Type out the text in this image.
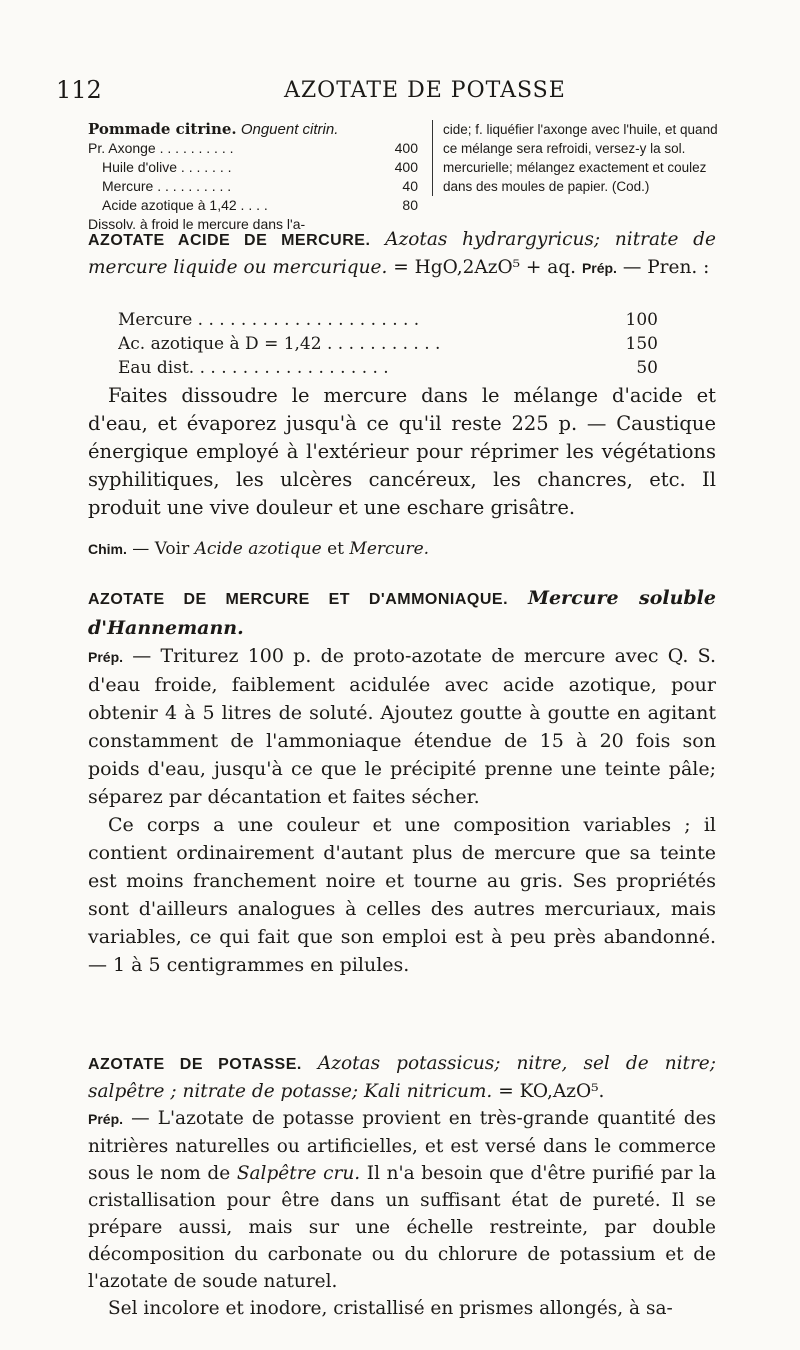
112	AZOTATE DE POTASSE
Pommade citrine. Onguent citrin.
Pr. Axonge . . . . . . . . . .	400
Huile d'olive . . . . . . .	400
Mercure . . . . . . . . . .	40
Acide azotique à 1,42 . . . .	80
Dissolv. à froid le mercure dans l'a-
cide; f. liquéfier l'axonge avec l'huile, et quand ce mélange sera refroidi, versez-y la sol. mercurielle; mélangez exactement et coulez dans des moules de papier. (Cod.)

AZOTATE ACIDE DE MERCURE. Azotas hydrargyricus; nitrate de mercure liquide ou mercurique. = HgO,2AzO⁵ + aq. Prép. — Pren. :

Mercure . . . . . . . . . . . . . . . . . . . . .	100
Ac. azotique à D = 1,42 . . . . . . . . . . .	150
Eau dist. . . . . . . . . . . . . . . . . . .	50

Faites dissoudre le mercure dans le mélange d'acide et d'eau, et évaporez jusqu'à ce qu'il reste 225 p. — Caustique énergique employé à l'extérieur pour réprimer les végétations syphilitiques, les ulcères cancéreux, les chancres, etc. Il produit une vive douleur et une eschare grisâtre.

Chim. — Voir Acide azotique et Mercure.

AZOTATE DE MERCURE ET D'AMMONIAQUE. Mercure soluble d'Hannemann.

Prép. — Triturez 100 p. de proto-azotate de mercure avec Q. S. d'eau froide, faiblement acidulée avec acide azotique, pour obtenir 4 à 5 litres de soluté. Ajoutez goutte à goutte en agitant constamment de l'ammoniaque étendue de 15 à 20 fois son poids d'eau, jusqu'à ce que le précipité prenne une teinte pâle; séparez par décantation et faites sécher.

Ce corps a une couleur et une composition variables ; il contient ordinairement d'autant plus de mercure que sa teinte est moins franchement noire et tourne au gris. Ses propriétés sont d'ailleurs analogues à celles des autres mercuriaux, mais variables, ce qui fait que son emploi est à peu près abandonné. — 1 à 5 centigrammes en pilules.

AZOTATE DE POTASSE. Azotas potassicus; nitre, sel de nitre; salpêtre ; nitrate de potasse; Kali nitricum. = KO,AzO⁵.

Prép. — L'azotate de potasse provient en très-grande quantité des nitrières naturelles ou artificielles, et est versé dans le commerce sous le nom de Salpêtre cru. Il n'a besoin que d'être purifié par la cristallisation pour être dans un suffisant état de pureté. Il se prépare aussi, mais sur une échelle restreinte, par double décomposition du carbonate ou du chlorure de potassium et de l'azotate de soude naturel.

Sel incolore et inodore, cristallisé en prismes allongés, à sa-
